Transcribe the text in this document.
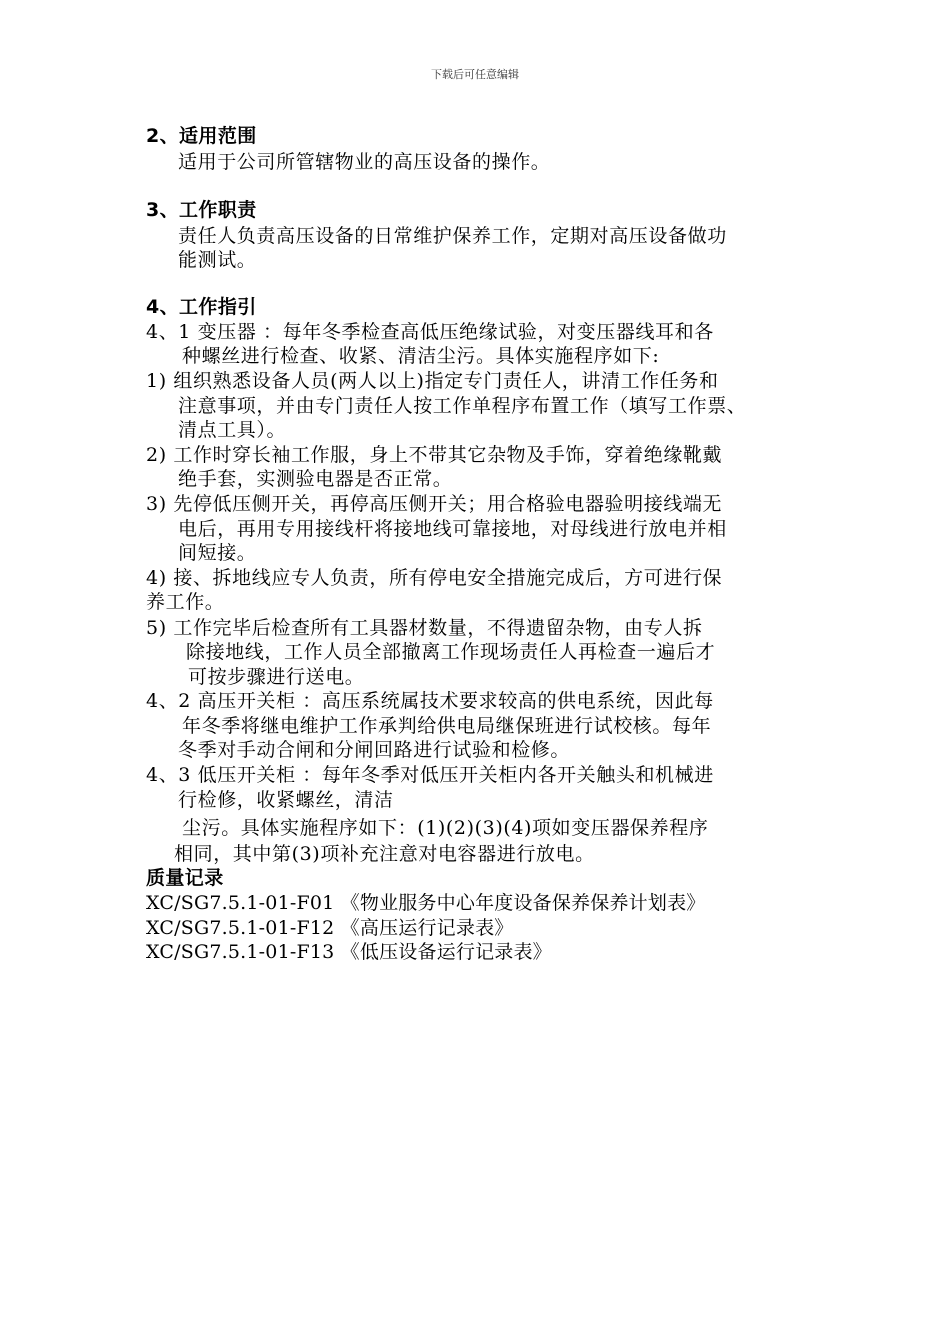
下载后可任意编辑
2、适用范围
适用于公司所管辖物业的高压设备的操作。
3、工作职责
责任人负责高压设备的日常维护保养工作，定期对高压设备做功
能测试。
4、工作指引
4、1 变压器 ：每年冬季检查高低压绝缘试验，对变压器线耳和各
种螺丝进行检查、收紧、清洁尘污。具体实施程序如下:
1) 组织熟悉设备人员(两人以上)指定专门责任人，讲清工作任务和
注意事项，并由专门责任人按工作单程序布置工作（填写工作票、
清点工具）。
2) 工作时穿长袖工作服，身上不带其它杂物及手饰，穿着绝缘靴戴
绝手套，实测验电器是否正常。
3) 先停低压侧开关，再停高压侧开关；用合格验电器验明接线端无
电后，再用专用接线杆将接地线可靠接地，对母线进行放电并相
间短接。
4) 接、拆地线应专人负责，所有停电安全措施完成后，方可进行保
养工作。
5) 工作完毕后检查所有工具器材数量，不得遗留杂物，由专人拆
除接地线，工作人员全部撤离工作现场责任人再检查一遍后才
可按步骤进行送电。
4、2 高压开关柜 ：高压系统属技术要求较高的供电系统，因此每
年冬季将继电维护工作承判给供电局继保班进行试校核。每年
冬季对手动合闸和分闸回路进行试验和检修。
4、3 低压开关柜 ：每年冬季对低压开关柜内各开关触头和机械进
行检修，收紧螺丝，清洁
尘污。具体实施程序如下：(1)(2)(3)(4)项如变压器保养程序
相同，其中第(3)项补充注意对电容器进行放电。
质量记录
XC/SG7.5.1-01-F01 《物业服务中心年度设备保养保养计划表》
XC/SG7.5.1-01-F12 《高压运行记录表》
XC/SG7.5.1-01-F13 《低压设备运行记录表》
